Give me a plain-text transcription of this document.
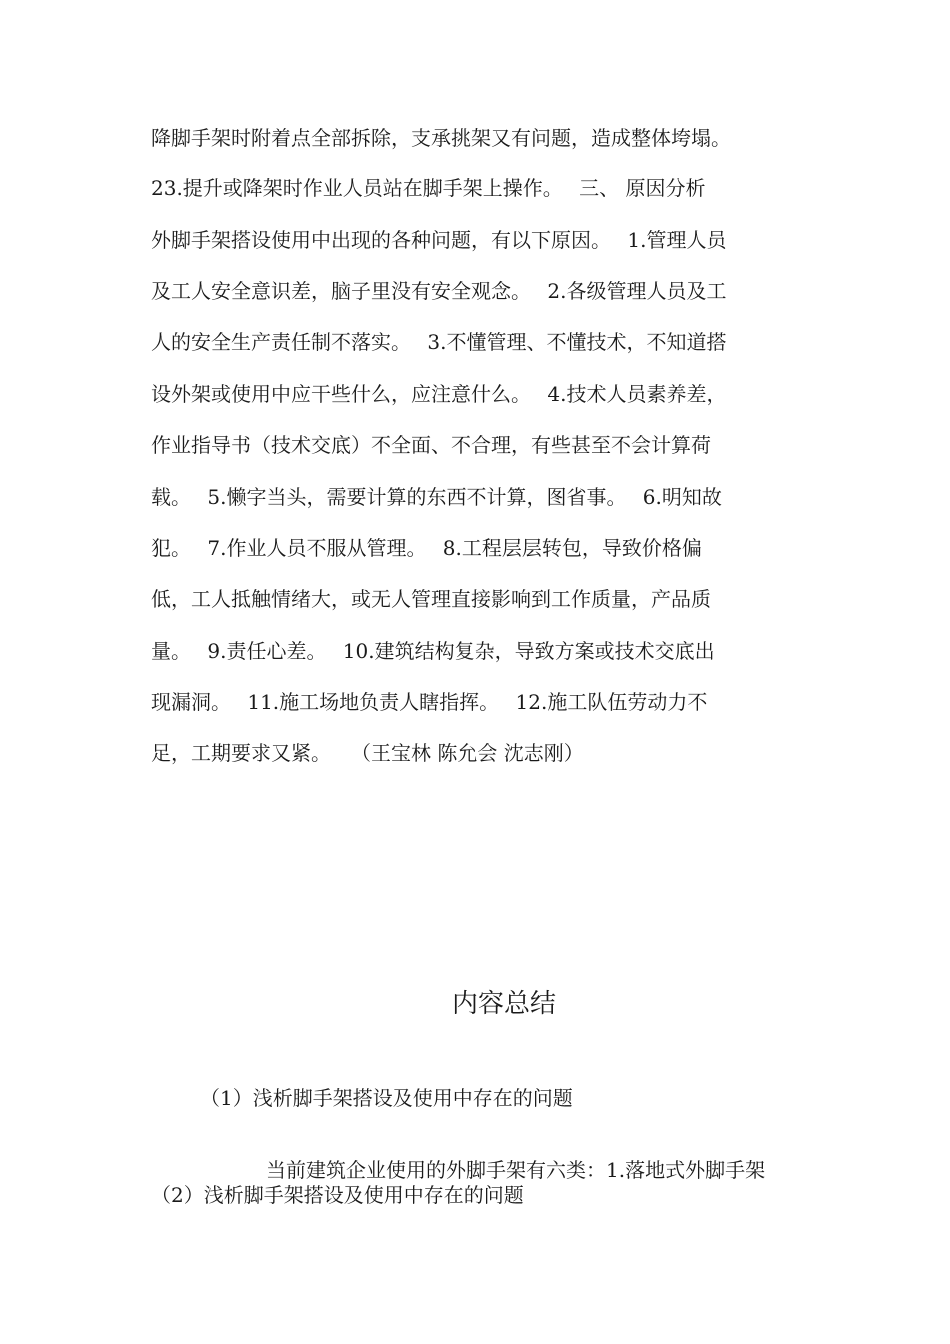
降脚手架时附着点全部拆除，支承挑架又有问题，造成整体垮塌。
23.提升或降架时作业人员站在脚手架上操作。　 三、 原因分析
外脚手架搭设使用中出现的各种问题，有以下原因。　 1.管理人员
及工人安全意识差，脑子里没有安全观念。　 2.各级管理人员及工
人的安全生产责任制不落实。　 3.不懂管理、不懂技术，不知道搭
设外架或使用中应干些什么，应注意什么。　 4.技术人员素养差，
作业指导书（技术交底）不全面、不合理，有些甚至不会计算荷
载。　 5.懒字当头，需要计算的东西不计算，图省事。　 6.明知故
犯。　 7.作业人员不服从管理。　 8.工程层层转包，导致价格偏
低，工人抵触情绪大，或无人管理直接影响到工作质量，产品质
量。　 9.责任心差。　 10.建筑结构复杂，导致方案或技术交底出
现漏洞。　 11.施工场地负责人瞎指挥。　 12.施工队伍劳动力不
足，工期要求又紧。　　（王宝林 陈允会 沈志刚）
内容总结
（1）浅析脚手架搭设及使用中存在的问题
当前建筑企业使用的外脚手架有六类：1.落地式外脚手架
（2）浅析脚手架搭设及使用中存在的问题
